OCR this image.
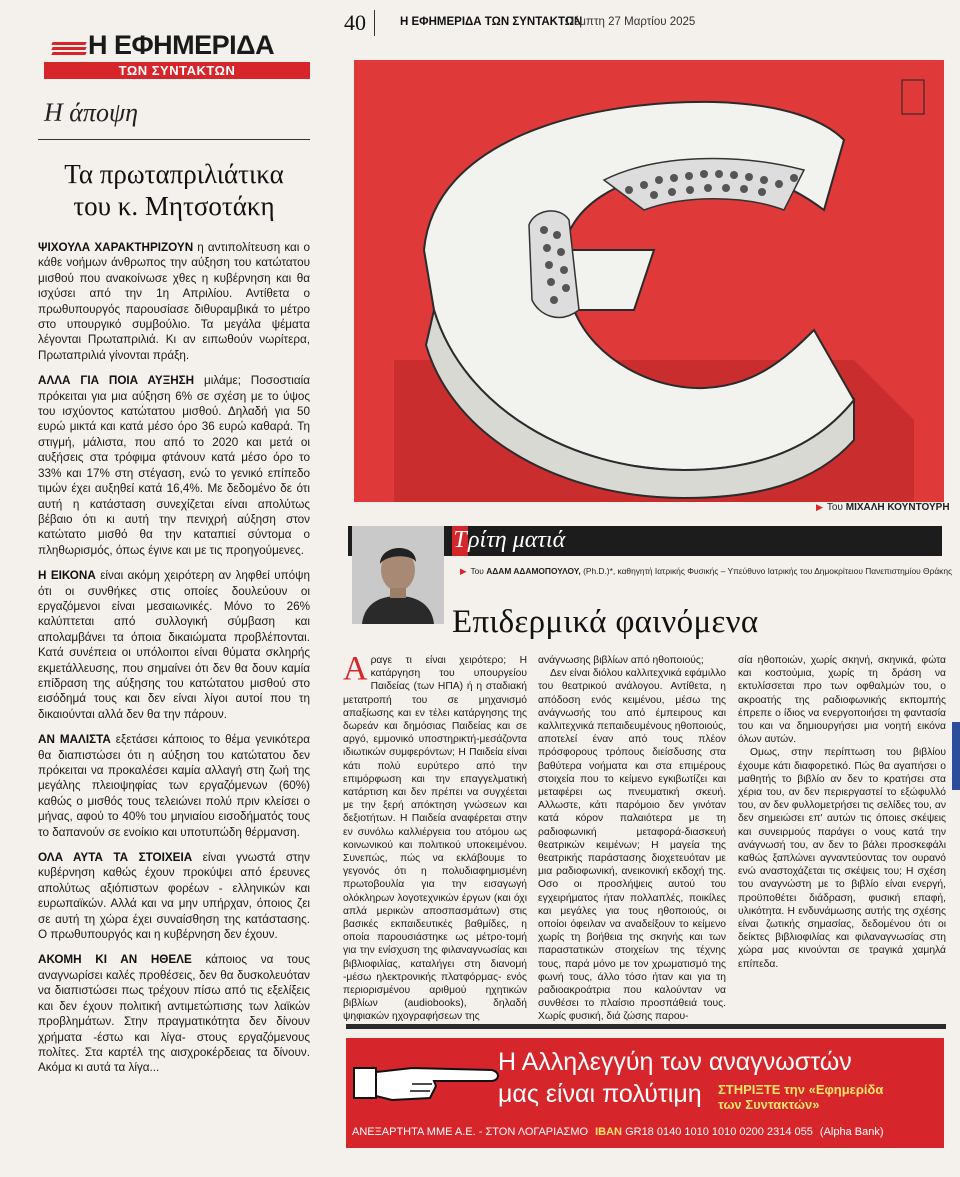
Η ΕΦΗΜΕΡΙΔΑ
ΤΩΝ ΣΥΝΤΑΚΤΩΝ
Η άποψη
Τα πρωταπριλιάτικα
του κ. Μητσοτάκη

ΨΙΧΟΥΛΑ ΧΑΡΑΚΤΗΡΙΖΟΥΝ η αντιπολίτευση και ο κάθε νοήμων άνθρωπος την αύξηση του κατώτατου μισθού που ανακοίνωσε χθες η κυβέρνηση και θα ισχύσει από την 1η Απριλίου. Αντίθετα ο πρωθυπουργός παρουσίασε διθυραμβικά το μέτρο στο υπουργικό συμβούλιο. Τα μεγάλα ψέματα λέγονται Πρωταπριλιά. Κι αν ειπωθούν νωρίτερα, Πρωταπριλιά γίνονται πράξη.

ΑΛΛΑ ΓΙΑ ΠΟΙΑ ΑΥΞΗΣΗ μιλάμε; Ποσοστιαία πρόκειται για μια αύξηση 6% σε σχέση με το ύψος του ισχύοντος κατώτατου μισθού. Δηλαδή για 50 ευρώ μικτά και κατά μέσο όρο 36 ευρώ καθαρά. Τη στιγμή, μάλιστα, που από το 2020 και μετά οι αυξήσεις στα τρόφιμα φτάνουν κατά μέσο όρο το 33% και 17% στη στέγαση, ενώ το γενικό επίπεδο τιμών έχει αυξηθεί κατά 16,4%. Με δεδομένο δε ότι αυτή η κατάσταση συνεχίζεται είναι απολύτως βέβαιο ότι κι αυτή την πενιχρή αύξηση στον κατώτατο μισθό θα την καταπιεί σύντομα ο πληθωρισμός, όπως έγινε και με τις προηγούμενες.

Η ΕΙΚΟΝΑ είναι ακόμη χειρότερη αν ληφθεί υπόψη ότι οι συνθήκες στις οποίες δουλεύουν οι εργαζόμενοι είναι μεσαιωνικές. Μόνο το 26% καλύπτεται από συλλογική σύμβαση και απολαμβάνει τα όποια δικαιώματα προβλέπονται. Κατά συνέπεια οι υπόλοιποι είναι θύματα σκληρής εκμετάλλευσης, που σημαίνει ότι δεν θα δουν καμία επίδραση της αύξησης του κατώτατου μισθού στο εισόδημά τους και δεν είναι λίγοι αυτοί που τη δικαιούνται αλλά δεν θα την πάρουν.

ΑΝ ΜΑΛΙΣΤΑ εξετάσει κάποιος το θέμα γενικότερα θα διαπιστώσει ότι η αύξηση του κατώτατου δεν πρόκειται να προκαλέσει καμία αλλαγή στη ζωή της μεγάλης πλειοψηφίας των εργαζόμενων (60%) καθώς ο μισθός τους τελειώνει πολύ πριν κλείσει ο μήνας, αφού το 40% του μηνιαίου εισοδήματός τους το δαπανούν σε ενοίκιο και υποτυπώδη θέρμανση.

ΟΛΑ ΑΥΤΑ ΤΑ ΣΤΟΙΧΕΙΑ είναι γνωστά στην κυβέρνηση καθώς έχουν προκύψει από έρευνες απολύτως αξιόπιστων φορέων - ελληνικών και ευρωπαϊκών. Αλλά και να μην υπήρχαν, όποιος ζει σε αυτή τη χώρα έχει συναίσθηση της κατάστασης. Ο πρωθυπουργός και η κυβέρνηση δεν έχουν.

ΑΚΟΜΗ ΚΙ ΑΝ ΗΘΕΛΕ κάποιος να τους αναγνωρίσει καλές προθέσεις, δεν θα δυσκολευόταν να διαπιστώσει πως τρέχουν πίσω από τις εξελίξεις και δεν έχουν πολιτική αντιμετώπισης των λαϊκών προβλημάτων. Στην πραγματικότητα δεν δίνουν χρήματα -έστω και λίγα- στους εργαζόμενους πολίτες. Στα καρτέλ της αισχροκέρδειας τα δίνουν. Ακόμα κι αυτά τα λίγα...

40	Η ΕΦΗΜΕΡΙΔΑ ΤΩΝ ΣΥΝΤΑΚΤΩΝ
Πέμπτη 27 Μαρτίου 2025
▶ Του ΜΙΧΑΛΗ ΚΟΥΝΤΟΥΡΗ
Τρίτη ματιά
▶ Του ΑΔΑΜ ΑΔΑΜΟΠΟΥΛΟΥ, (Ph.D.)*, καθηγητή Ιατρικής Φυσικής – Υπεύθυνο Ιατρικής του Δημοκρίτειου Πανεπιστημίου Θράκης
Επιδερμικά φαινόμενα

Αραγε τι είναι χειρότερο; Η κατάργηση του υπουργείου Παιδείας (των ΗΠΑ) ή η σταδιακή μετατροπή του σε μηχανισμό απαξίωσης και εν τέλει κατάργησης της δωρεάν και δημόσιας Παιδείας και σε αργό, εμμονικό υποστηρικτή-μεσάζοντα ιδιωτικών συμφερόντων; Η Παιδεία είναι κάτι πολύ ευρύτερο από την επιμόρφωση και την επαγγελματική κατάρτιση και δεν πρέπει να συγχέεται με την ξερή απόκτηση γνώσεων και δεξιοτήτων. Η Παιδεία αναφέρεται στην εν συνόλω καλλιέργεια του ατόμου ως κοινωνικού και πολιτικού υποκειμένου. Συνεπώς, πώς να εκλάβουμε το γεγονός ότι η πολυδιαφημισμένη πρωτοβουλία για την εισαγωγή ολόκληρων λογοτεχνικών έργων (και όχι απλά μερικών αποσπασμάτων) στις βασικές εκπαιδευτικές βαθμίδες, η οποία παρουσιάστηκε ως μέτρο-τομή για την ενίσχυση της φιλαναγνωσίας και βιβλιοφιλίας, καταλήγει στη διανομή -μέσω ηλεκτρονικής πλατφόρμας- ενός περιορισμένου αριθμού ηχητικών βιβλίων (audiobooks), δηλαδή ψηφιακών ηχογραφήσεων της

ανάγνωσης βιβλίων από ηθοποιούς;

Δεν είναι διόλου καλλιτεχνικά εφάμιλλο του θεατρικού ανάλογου. Αντίθετα, η απόδοση ενός κειμένου, μέσω της ανάγνωσής του από έμπειρους και καλλιτεχνικά πεπαιδευμένους ηθοποιούς, αποτελεί έναν από τους πλέον πρόσφορους τρόπους διείσδυσης στα βαθύτερα νοήματα και στα επιμέρους στοιχεία που το κείμενο εγκιβωτίζει και μεταφέρει ως πνευματική σκευή. Αλλωστε, κάτι παρόμοιο δεν γινόταν κατά κόρον παλαιότερα με τη ραδιοφωνική μεταφορά-διασκευή θεατρικών κειμένων; Η μαγεία της θεατρικής παράστασης διοχετευόταν με μια ραδιοφωνική, ανεικονική εκδοχή της. Οσο οι προσλήψεις αυτού του εγχειρήματος ήταν πολλαπλές, ποικίλες και μεγάλες για τους ηθοποιούς, οι οποίοι όφειλαν να αναδείξουν το κείμενο χωρίς τη βοήθεια της σκηνής και των παραστατικών στοιχείων της τέχνης τους, παρά μόνο με τον χρωματισμό της φωνή τους, άλλο τόσο ήταν και για τη ραδιοακροάτρια που καλούνταν να συνθέσει το πλαίσιο προσπάθειά τους. Χωρίς φυσική, διά ζώσης παρου-

σία ηθοποιών, χωρίς σκηνή, σκηνικά, φώτα και κοστούμια, χωρίς τη δράση να εκτυλίσσεται προ των οφθαλμών του, ο ακροατής της ραδιοφωνικής εκπομπής έπρεπε ο ίδιος να ενεργοποιήσει τη φαντασία του και να δημιουργήσει μια νοητή εικόνα όλων αυτών.

Ομως, στην περίπτωση του βιβλίου έχουμε κάτι διαφορετικό. Πώς θα αγαπήσει ο μαθητής το βιβλίο αν δεν το κρατήσει στα χέρια του, αν δεν περιεργαστεί το εξώφυλλό του, αν δεν φυλλομετρήσει τις σελίδες του, αν δεν σημειώσει επ' αυτών τις όποιες σκέψεις και συνειρμούς παράγει ο νους κατά την ανάγνωσή του, αν δεν το βάλει προσκεφάλι καθώς ξαπλώνει αγναντεύοντας τον ουρανό ενώ αναστοχάζεται τις σκέψεις του; Η σχέση του αναγνώστη με το βιβλίο είναι ενεργή, προϋποθέτει διάδραση, φυσική επαφή, υλικότητα. Η ενδυνάμωσης αυτής της σχέσης είναι ζωτικής σημασίας, δεδομένου ότι οι δείκτες βιβλιοφιλίας και φιλαναγνωσίας στη χώρα μας κινούνται σε τραγικά χαμηλά επίπεδα.

Η Αλληλεγγύη των αναγνωστών
μας είναι πολύτιμη ΣΤΗΡΙΞΤΕ την «Εφημερίδα
των Συντακτών»
ΑΝΕΞΑΡΤΗΤΑ ΜΜΕ Α.Ε. - ΣΤΟΝ ΛΟΓΑΡΙΑΣΜΟ IBAN GR18 0140 1010 1010 0200 2314 055 (Alpha Bank)
